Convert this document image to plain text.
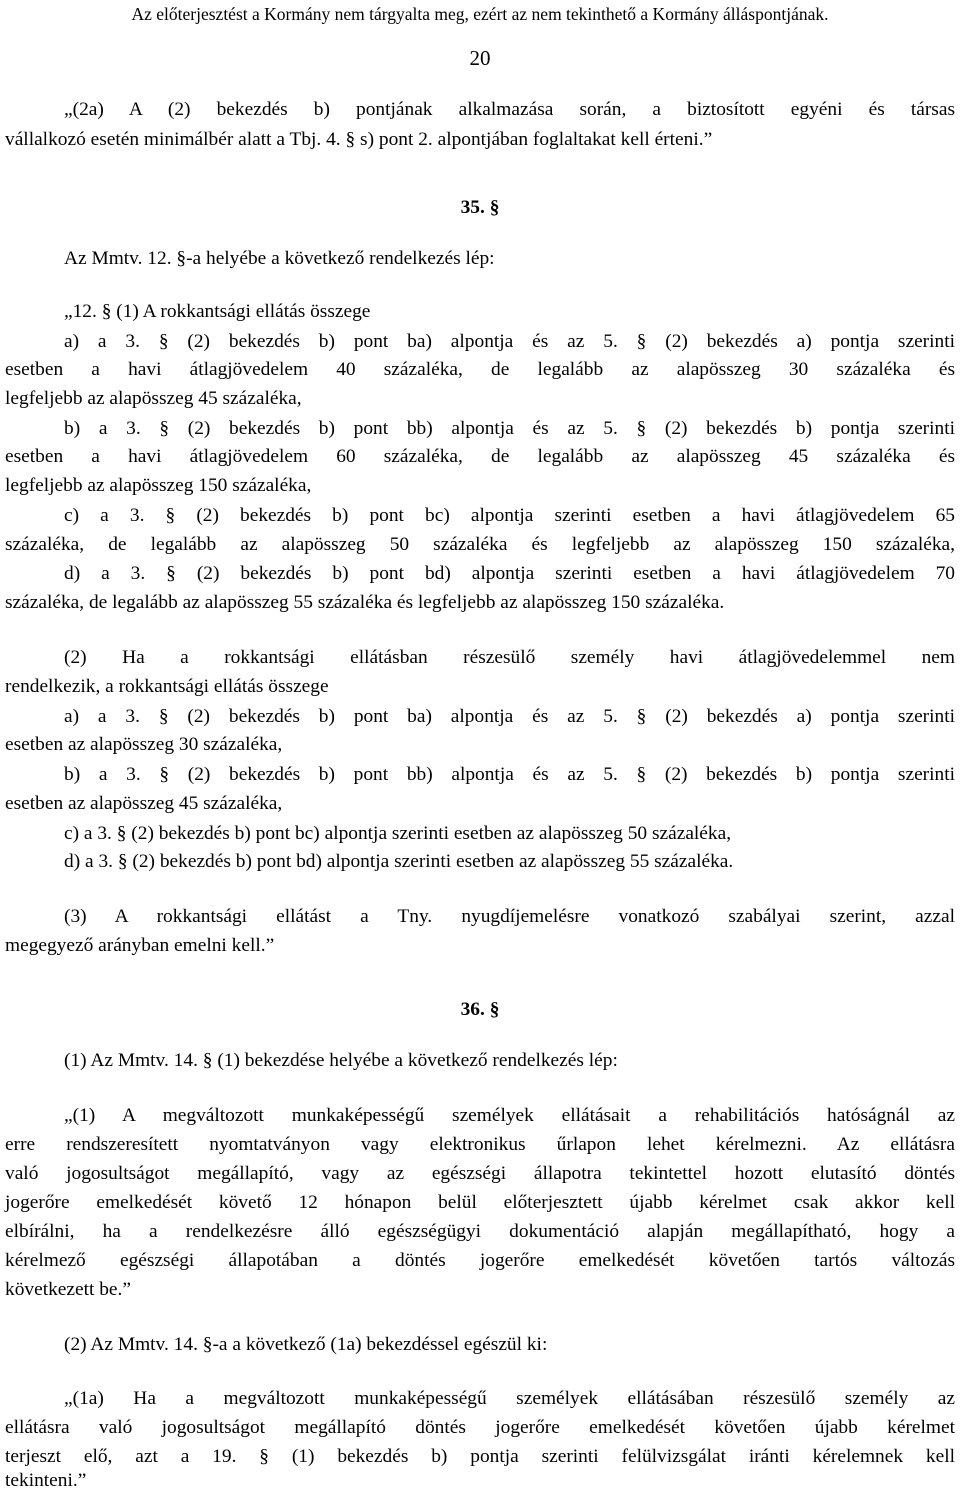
Az előterjesztést a Kormány nem tárgyalta meg, ezért az nem tekinthető a Kormány álláspontjának.
20
„(2a) A (2) bekezdés b) pontjának alkalmazása során, a biztosított egyéni és társas
vállalkozó esetén minimálbér alatt a Tbj. 4. § s) pont 2. alpontjában foglaltakat kell érteni.”
35. §
Az Mmtv. 12. §-a helyébe a következő rendelkezés lép:
„12. § (1) A rokkantsági ellátás összege
a) a 3. § (2) bekezdés b) pont ba) alpontja és az 5. § (2) bekezdés a) pontja szerinti
esetben a havi átlagjövedelem 40 százaléka, de legalább az alapösszeg 30 százaléka és
legfeljebb az alapösszeg 45 százaléka,
b) a 3. § (2) bekezdés b) pont bb) alpontja és az 5. § (2) bekezdés b) pontja szerinti
esetben a havi átlagjövedelem 60 százaléka, de legalább az alapösszeg 45 százaléka és
legfeljebb az alapösszeg 150 százaléka,
c) a 3. § (2) bekezdés b) pont bc) alpontja szerinti esetben a havi átlagjövedelem 65
százaléka, de legalább az alapösszeg 50 százaléka és legfeljebb az alapösszeg 150 százaléka,
d) a 3. § (2) bekezdés b) pont bd) alpontja szerinti esetben a havi átlagjövedelem 70
százaléka, de legalább az alapösszeg 55 százaléka és legfeljebb az alapösszeg 150 százaléka.
(2) Ha a rokkantsági ellátásban részesülő személy havi átlagjövedelemmel nem
rendelkezik, a rokkantsági ellátás összege
a) a 3. § (2) bekezdés b) pont ba) alpontja és az 5. § (2) bekezdés a) pontja szerinti
esetben az alapösszeg 30 százaléka,
b) a 3. § (2) bekezdés b) pont bb) alpontja és az 5. § (2) bekezdés b) pontja szerinti
esetben az alapösszeg 45 százaléka,
c) a 3. § (2) bekezdés b) pont bc) alpontja szerinti esetben az alapösszeg 50 százaléka,
d) a 3. § (2) bekezdés b) pont bd) alpontja szerinti esetben az alapösszeg 55 százaléka.
(3) A rokkantsági ellátást a Tny. nyugdíjemelésre vonatkozó szabályai szerint, azzal
megegyező arányban emelni kell.”
36. §
(1) Az Mmtv. 14. § (1) bekezdése helyébe a következő rendelkezés lép:
„(1) A megváltozott munkaképességű személyek ellátásait a rehabilitációs hatóságnál az
erre rendszeresített nyomtatványon vagy elektronikus űrlapon lehet kérelmezni. Az ellátásra
való jogosultságot megállapító, vagy az egészségi állapotra tekintettel hozott elutasító döntés
jogerőre emelkedését követő 12 hónapon belül előterjesztett újabb kérelmet csak akkor kell
elbírálni, ha a rendelkezésre álló egészségügyi dokumentáció alapján megállapítható, hogy a
kérelmező egészségi állapotában a döntés jogerőre emelkedését követően tartós változás
következett be.”
(2) Az Mmtv. 14. §-a a következő (1a) bekezdéssel egészül ki:
„(1a) Ha a megváltozott munkaképességű személyek ellátásában részesülő személy az
ellátásra való jogosultságot megállapító döntés jogerőre emelkedését követően újabb kérelmet
terjeszt elő, azt a 19. § (1) bekezdés b) pontja szerinti felülvizsgálat iránti kérelemnek kell
tekinteni.”
